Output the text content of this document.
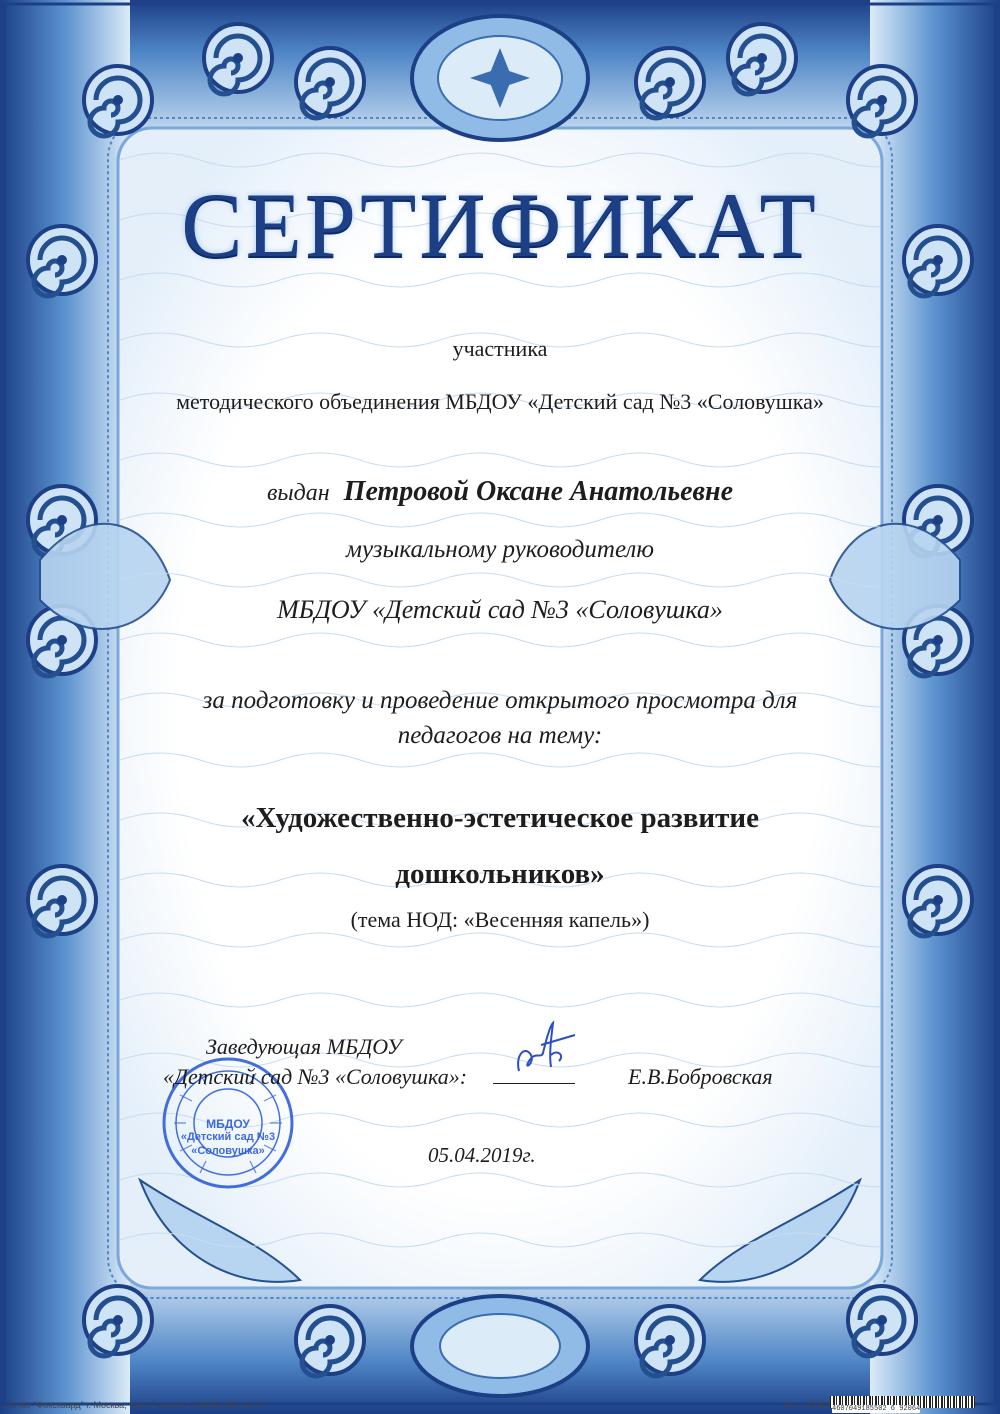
СЕРТИФИКАТ
участника
методического объединения МБДОУ «Детский сад №3 «Соловушка»
выдан Петровой Оксане Анатольевне
музыкальному руководителю
МБДОУ «Детский сад №3 «Соловушка»
за подготовку и проведение открытого просмотра для
педагогов на тему:
«Художественно-эстетическое развитие
дошкольников»
(тема НОД: «Весенняя капель»)
МБДОУ
«Детский сад №3
«Соловушка»
Заведующая МБДОУ
«Детский сад №3 «Соловушка»:	Е.В.Бобровская
05.04.2019г.
...оство "Фоксквард" г. Москва, www.Foxcard.ru 8(495) 987-43-77	Арт.: 92064 4607049185502 6 92064
